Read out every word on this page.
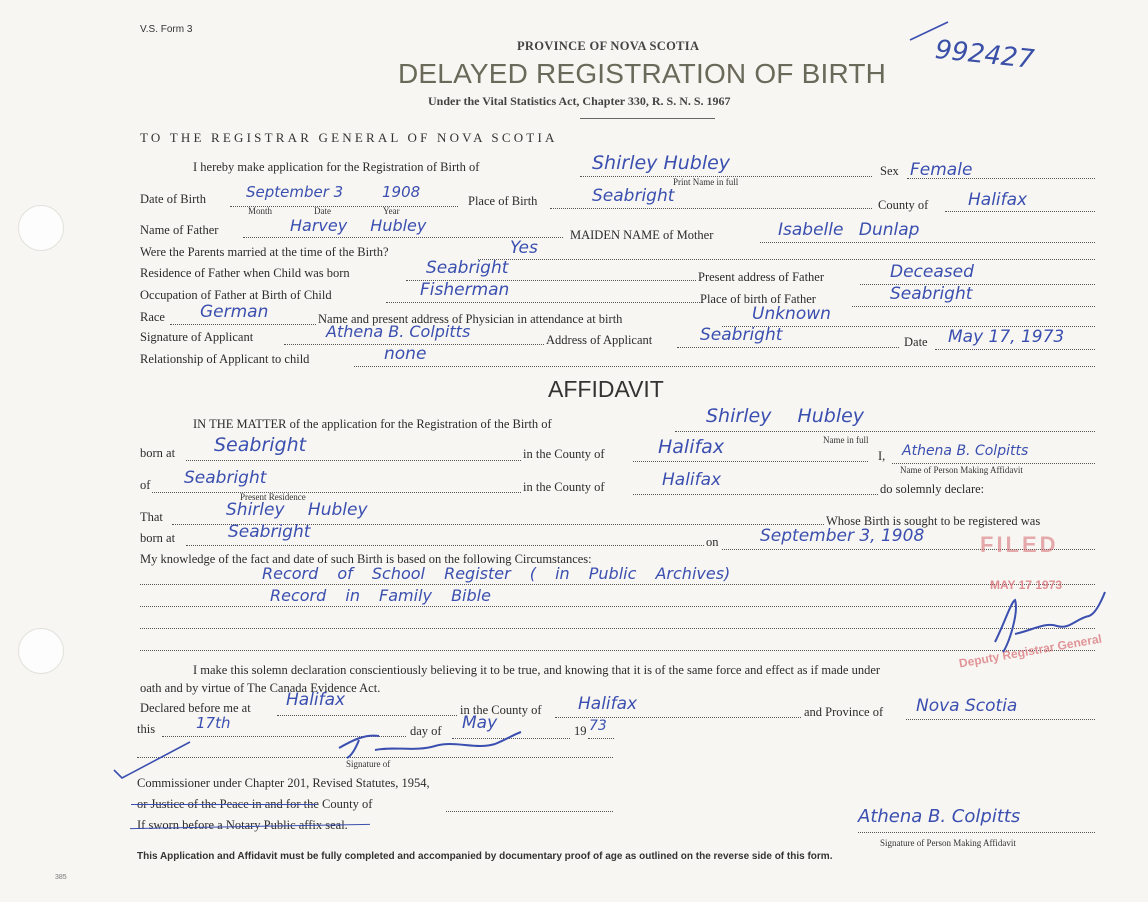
V.S. Form 3
PROVINCE OF NOVA SCOTIA
DELAYED REGISTRATION OF BIRTH
Under the Vital Statistics Act, Chapter 330, R. S. N. S. 1967
992427
TO THE REGISTRAR GENERAL OF NOVA SCOTIA
I hereby make application for the Registration of Birth of	Shirley Hubley
Print Name in full
Sex Female
Date of Birth	September 3	1908
Month	Date	Year
Place of Birth	Seabright	County of Halifax
Name of Father	Harvey Hubley	MAIDEN NAME of Mother	Isabelle Dunlap
Were the Parents married at the time of the Birth?	Yes
Residence of Father when Child was born	Seabright	Present address of Father	Deceased
Occupation of Father at Birth of Child	Fisherman	Place of birth of Father	Seabright
Race German	Name and present address of Physician in attendance at birth	Unknown
Signature of Applicant	Athena B. Colpitts	Address of Applicant	Seabright	Date May 17, 1973
Relationship of Applicant to child	none
AFFIDAVIT
IN THE MATTER of the application for the Registration of the Birth of	Shirley Hubley
Name in full
born at Seabright	in the County of	Halifax	I, Athena B. Colpitts
Name of Person Making Affidavit
of Seabright
Present Residence
in the County of	Halifax	do solemnly declare:
That	Shirley Hubley
Whose Birth is sought to be registered was
born at	Seabright	on September 3, 1908
My knowledge of the fact and date of such Birth is based on the following Circumstances:
Record of School Register ( in Public Archives)
Record in Family Bible
FILED
MAY 17 1973
Deputy Registrar General
I make this solemn declaration conscientiously believing it to be true, and knowing that it is of the same force and effect as if made under
oath and by virtue of The Canada Evidence Act.
Declared before me at Halifax	in the County of Halifax	and Province of Nova Scotia
this	17th	day of May	19 73
Signature of
Commissioner under Chapter 201, Revised Statutes, 1954,
or Justice of the Peace in and for the County of
If sworn before a Notary Public affix seal.	Athena B. Colpitts
Signature of Person Making Affidavit
This Application and Affidavit must be fully completed and accompanied by documentary proof of age as outlined on the reverse side of this form.
385
